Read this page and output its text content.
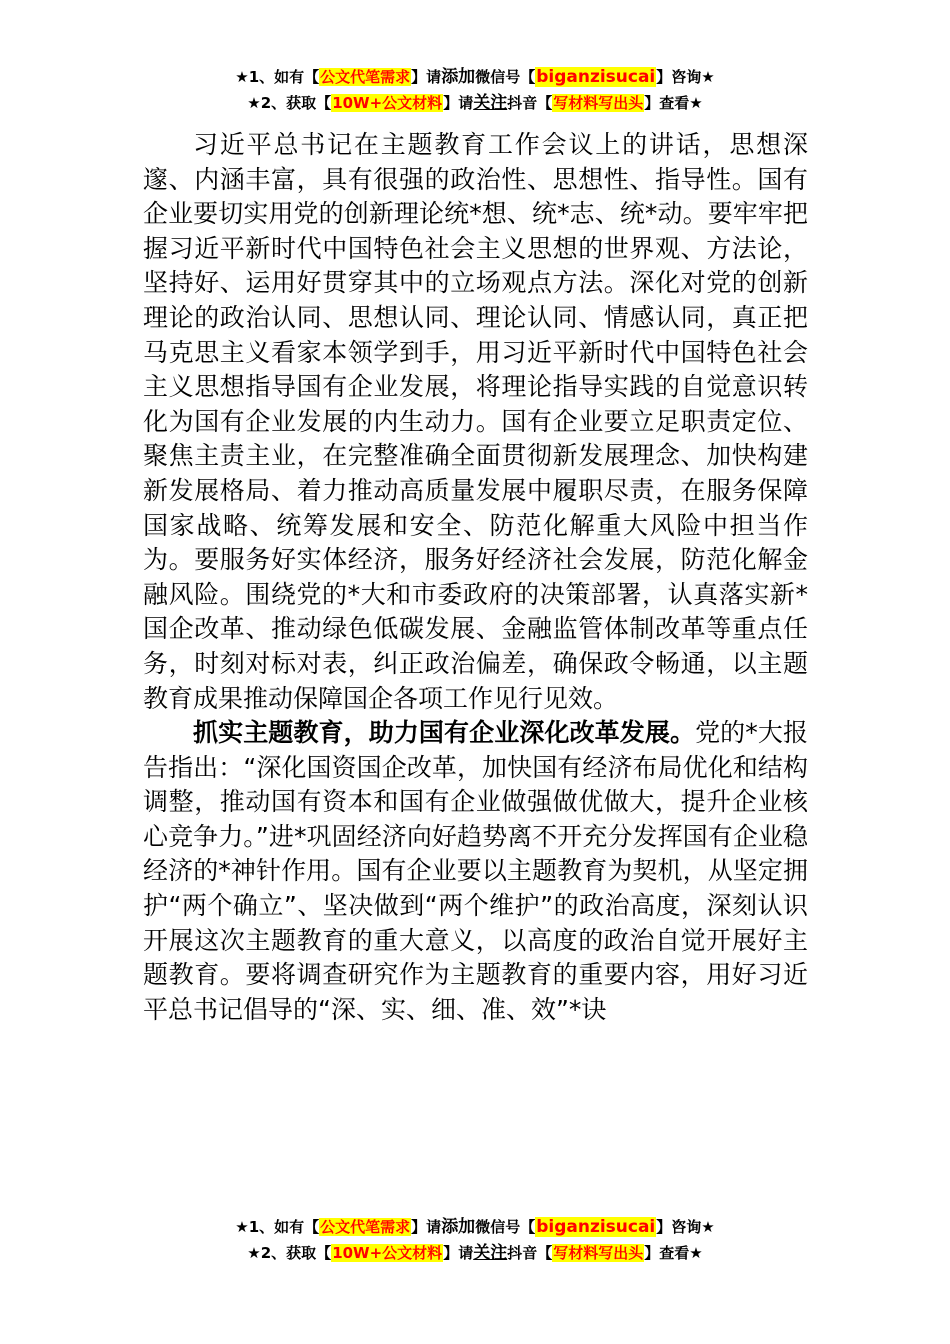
★1、如有【公文代笔需求】请添加微信号【biganzisucai】咨询★
★2、获取【10W+公文材料】请关注抖音【写材料写出头】查看★

习近平总书记在主题教育工作会议上的讲话，思想深邃、内涵丰富，具有很强的政治性、思想性、指导性。国有企业要切实用党的创新理论统*想、统*志、统*动。要牢牢把握习近平新时代中国特色社会主义思想的世界观、方法论，坚持好、运用好贯穿其中的立场观点方法。深化对党的创新理论的政治认同、思想认同、理论认同、情感认同，真正把马克思主义看家本领学到手，用习近平新时代中国特色社会主义思想指导国有企业发展，将理论指导实践的自觉意识转化为国有企业发展的内生动力。国有企业要立足职责定位、聚焦主责主业，在完整准确全面贯彻新发展理念、加快构建新发展格局、着力推动高质量发展中履职尽责，在服务保障国家战略、统筹发展和安全、防范化解重大风险中担当作为。要服务好实体经济，服务好经济社会发展，防范化解金融风险。围绕党的*大和市委政府的决策部署，认真落实新*国企改革、推动绿色低碳发展、金融监管体制改革等重点任务，时刻对标对表，纠正政治偏差，确保政令畅通，以主题教育成果推动保障国企各项工作见行见效。

抓实主题教育，助力国有企业深化改革发展。党的*大报告指出：“深化国资国企改革，加快国有经济布局优化和结构调整，推动国有资本和国有企业做强做优做大，提升企业核心竞争力。”进*巩固经济向好趋势离不开充分发挥国有企业稳经济的*神针作用。国有企业要以主题教育为契机，从坚定拥护“两个确立”、坚决做到“两个维护”的政治高度，深刻认识开展这次主题教育的重大意义，以高度的政治自觉开展好主题教育。要将调查研究作为主题教育的重要内容，用好习近平总书记倡导的“深、实、细、准、效”*诀

★1、如有【公文代笔需求】请添加微信号【biganzisucai】咨询★
★2、获取【10W+公文材料】请关注抖音【写材料写出头】查看★
